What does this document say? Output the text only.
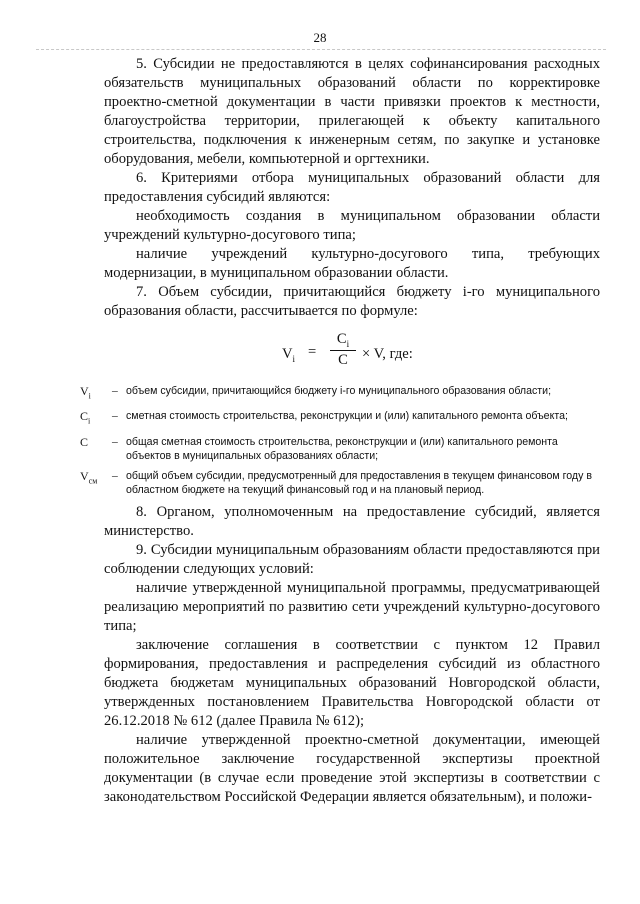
28

5. Субсидии не предоставляются в целях софинансирования расходных обязательств муниципальных образований области по корректировке проектно-сметной документации в части привязки проектов к местности, благоустройства территории, прилегающей к объекту капитального строительства, подключения к инженерным сетям, по закупке и установке оборудования, мебели, компьютерной и оргтехники.

6. Критериями отбора муниципальных образований области для предоставления субсидий являются:

необходимость создания в муниципальном образовании области учреждений культурно-досугового типа;

наличие учреждений культурно-досугового типа, требующих модернизации, в муниципальном образовании области.

7. Объем субсидии, причитающийся бюджету i-го муниципального образования области, рассчитывается по формуле:

$V_i$ =
$C_i$
C × V, где:
$V_i$	– объем субсидии, причитающийся бюджету i-го муниципального образования области;
$C_i$	– сметная стоимость строительства, реконструкции и (или) капитального ремонта объекта;
C	– общая сметная стоимость строительства, реконструкции и (или) капитального ремонта объектов в муниципальных образованиях области;
$V_{см}$	– общий объем субсидии, предусмотренный для предоставления в текущем финансовом году в областном бюджете на текущий финансовый год и на плановый период.

8. Органом, уполномоченным на предоставление субсидий, является министерство.

9. Субсидии муниципальным образованиям области предоставляются при соблюдении следующих условий:

наличие утвержденной муниципальной программы, предусматривающей реализацию мероприятий по развитию сети учреждений культурно-досугового типа;

заключение соглашения в соответствии с пунктом 12 Правил формирования, предоставления и распределения субсидий из областного бюджета бюджетам муниципальных образований Новгородской области, утвержденных постановлением Правительства Новгородской области от 26.12.2018 № 612 (далее Правила № 612);

наличие утвержденной проектно-сметной документации, имеющей положительное заключение государственной экспертизы проектной документации (в случае если проведение этой экспертизы в соответствии с законодательством Российской Федерации является обязательным), и положи-
